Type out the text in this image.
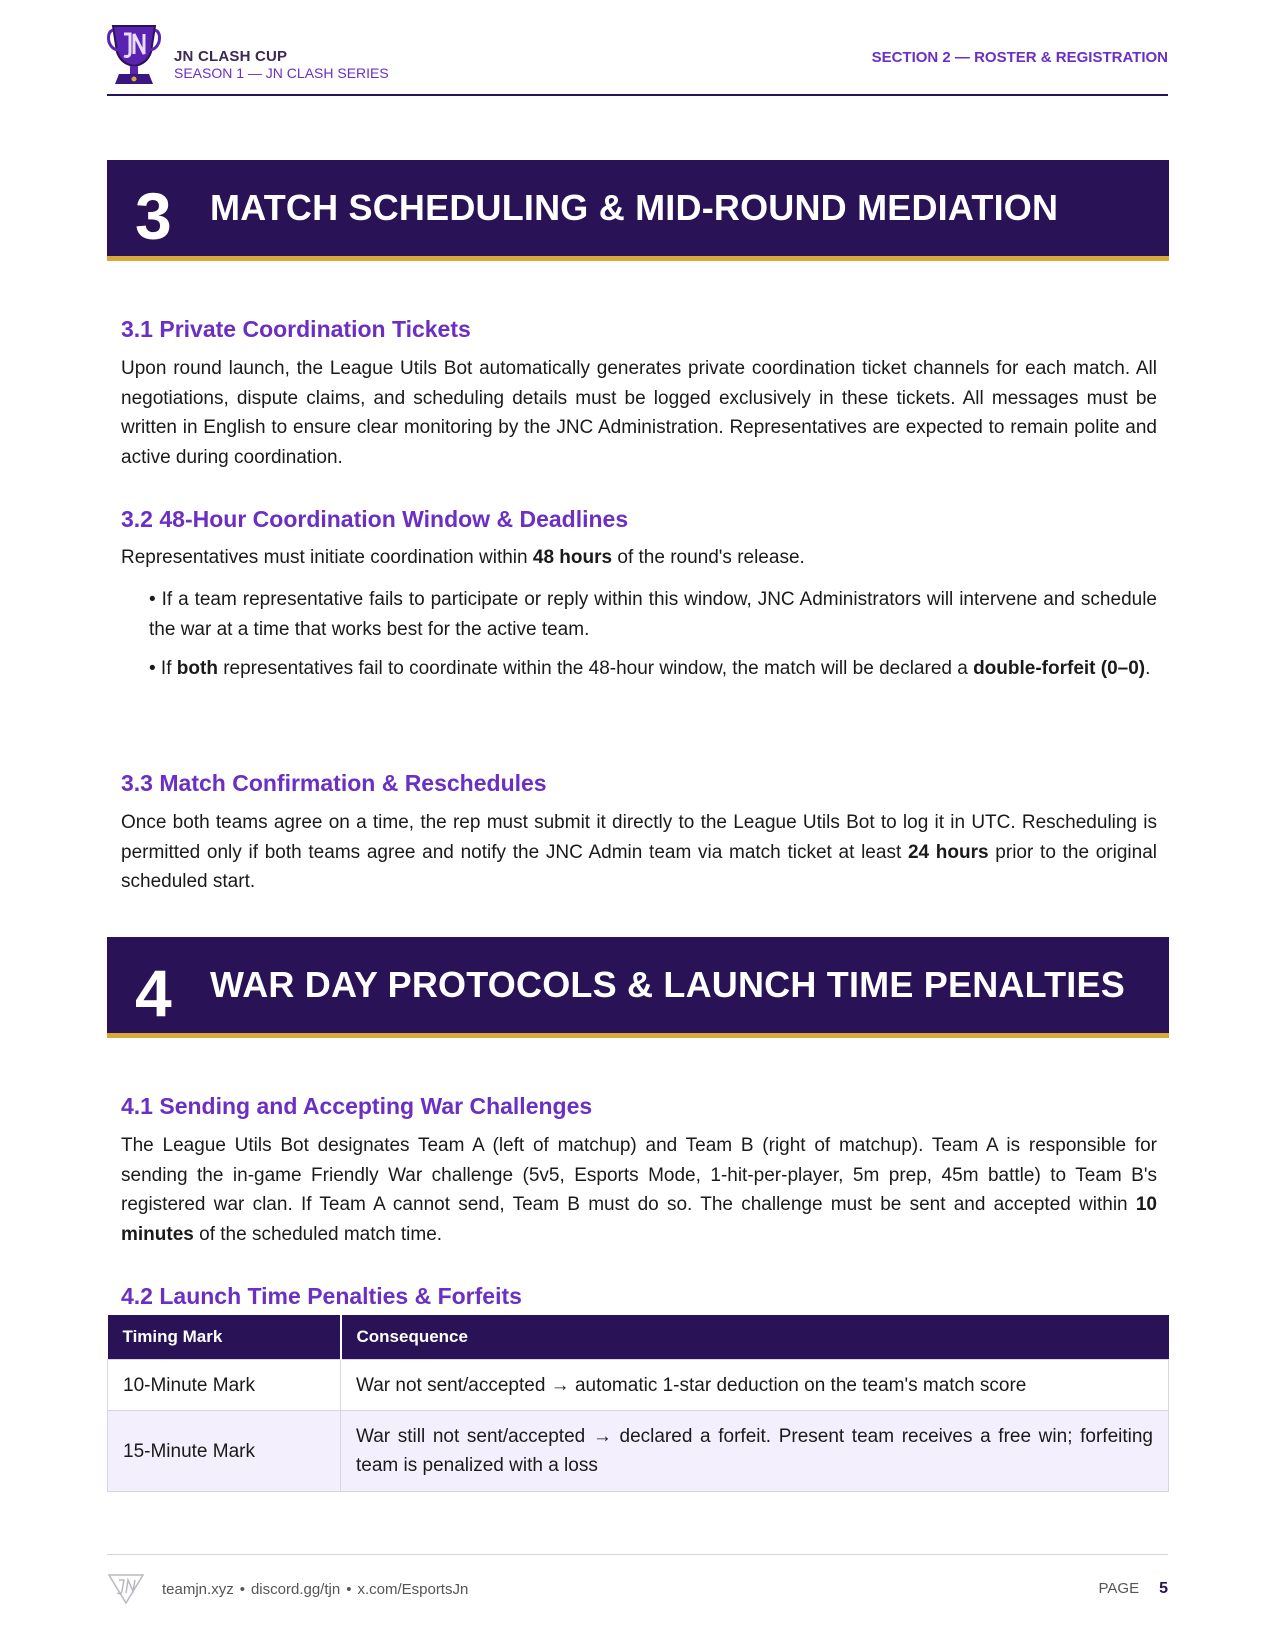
JN CLASH CUP
SEASON 1 — JN CLASH SERIES
SECTION 2 — ROSTER & REGISTRATION
3 MATCH SCHEDULING & MID-ROUND MEDIATION
3.1 Private Coordination Tickets
Upon round launch, the League Utils Bot automatically generates private coordination ticket channels for each match. All negotiations, dispute claims, and scheduling details must be logged exclusively in these tickets. All messages must be written in English to ensure clear monitoring by the JNC Administration. Representatives are expected to remain polite and active during coordination.
3.2 48-Hour Coordination Window & Deadlines
Representatives must initiate coordination within 48 hours of the round's release.
• If a team representative fails to participate or reply within this window, JNC Administrators will intervene and schedule the war at a time that works best for the active team.
• If both representatives fail to coordinate within the 48-hour window, the match will be declared a double-forfeit (0–0).
3.3 Match Confirmation & Reschedules
Once both teams agree on a time, the rep must submit it directly to the League Utils Bot to log it in UTC. Rescheduling is permitted only if both teams agree and notify the JNC Admin team via match ticket at least 24 hours prior to the original scheduled start.
4 WAR DAY PROTOCOLS & LAUNCH TIME PENALTIES
4.1 Sending and Accepting War Challenges
The League Utils Bot designates Team A (left of matchup) and Team B (right of matchup). Team A is responsible for sending the in-game Friendly War challenge (5v5, Esports Mode, 1-hit-per-player, 5m prep, 45m battle) to Team B's registered war clan. If Team A cannot send, Team B must do so. The challenge must be sent and accepted within 10 minutes of the scheduled match time.
4.2 Launch Time Penalties & Forfeits
Timing Mark	Consequence
10-Minute Mark	War not sent/accepted → automatic 1-star deduction on the team's match score
15-Minute Mark	War still not sent/accepted → declared a forfeit. Present team receives a free win; forfeiting team is penalized with a loss
teamjn.xyz • discord.gg/tjn • x.com/EsportsJn	PAGE 5
